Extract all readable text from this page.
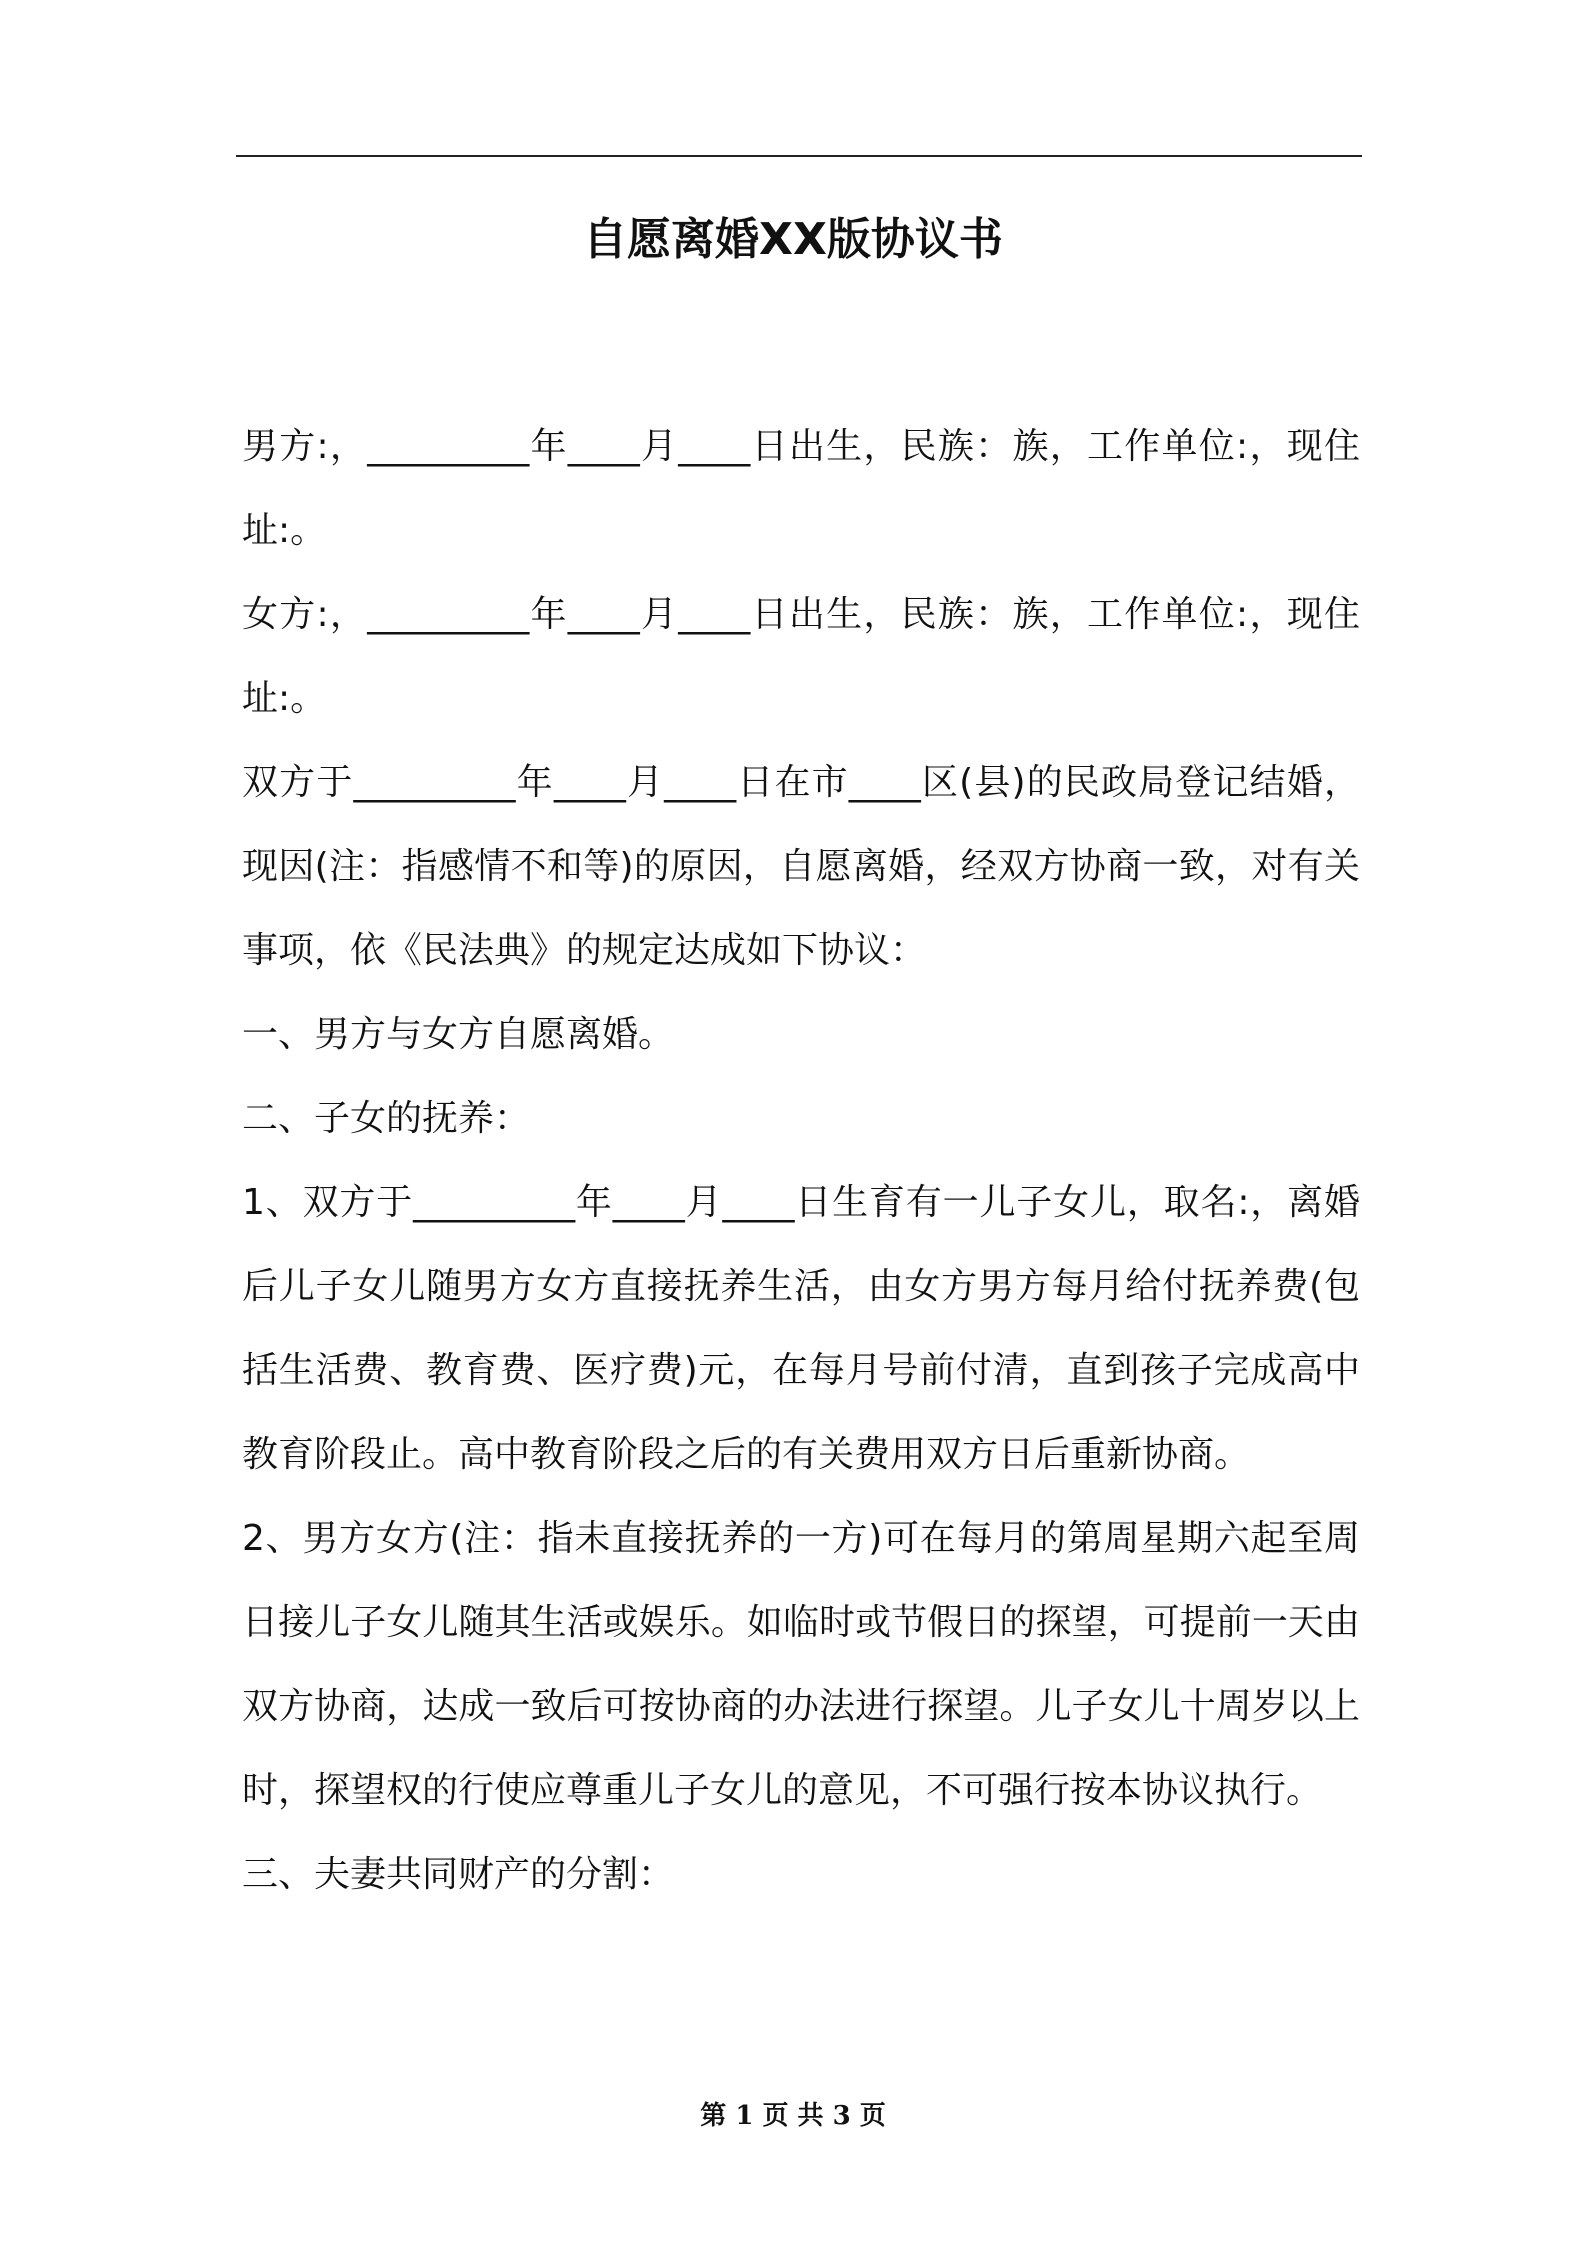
自愿离婚XX版协议书

男方:，_________年____月____日出生，民族：族，工作单位:，现住址:。

女方:，_________年____月____日出生，民族：族，工作单位:，现住址:。

双方于_________年____月____日在市____区(县)的民政局登记结婚，现因(注：指感情不和等)的原因，自愿离婚，经双方协商一致，对有关事项，依《民法典》的规定达成如下协议：

一、男方与女方自愿离婚。

二、子女的抚养：

1、双方于_________年____月____日生育有一儿子女儿，取名:，离婚后儿子女儿随男方女方直接抚养生活，由女方男方每月给付抚养费(包括生活费、教育费、医疗费)元，在每月号前付清，直到孩子完成高中教育阶段止。高中教育阶段之后的有关费用双方日后重新协商。

2、男方女方(注：指未直接抚养的一方)可在每月的第周星期六起至周日接儿子女儿随其生活或娱乐。如临时或节假日的探望，可提前一天由双方协商，达成一致后可按协商的办法进行探望。儿子女儿十周岁以上时，探望权的行使应尊重儿子女儿的意见，不可强行按本协议执行。

三、夫妻共同财产的分割：

第 1 页 共 3 页
